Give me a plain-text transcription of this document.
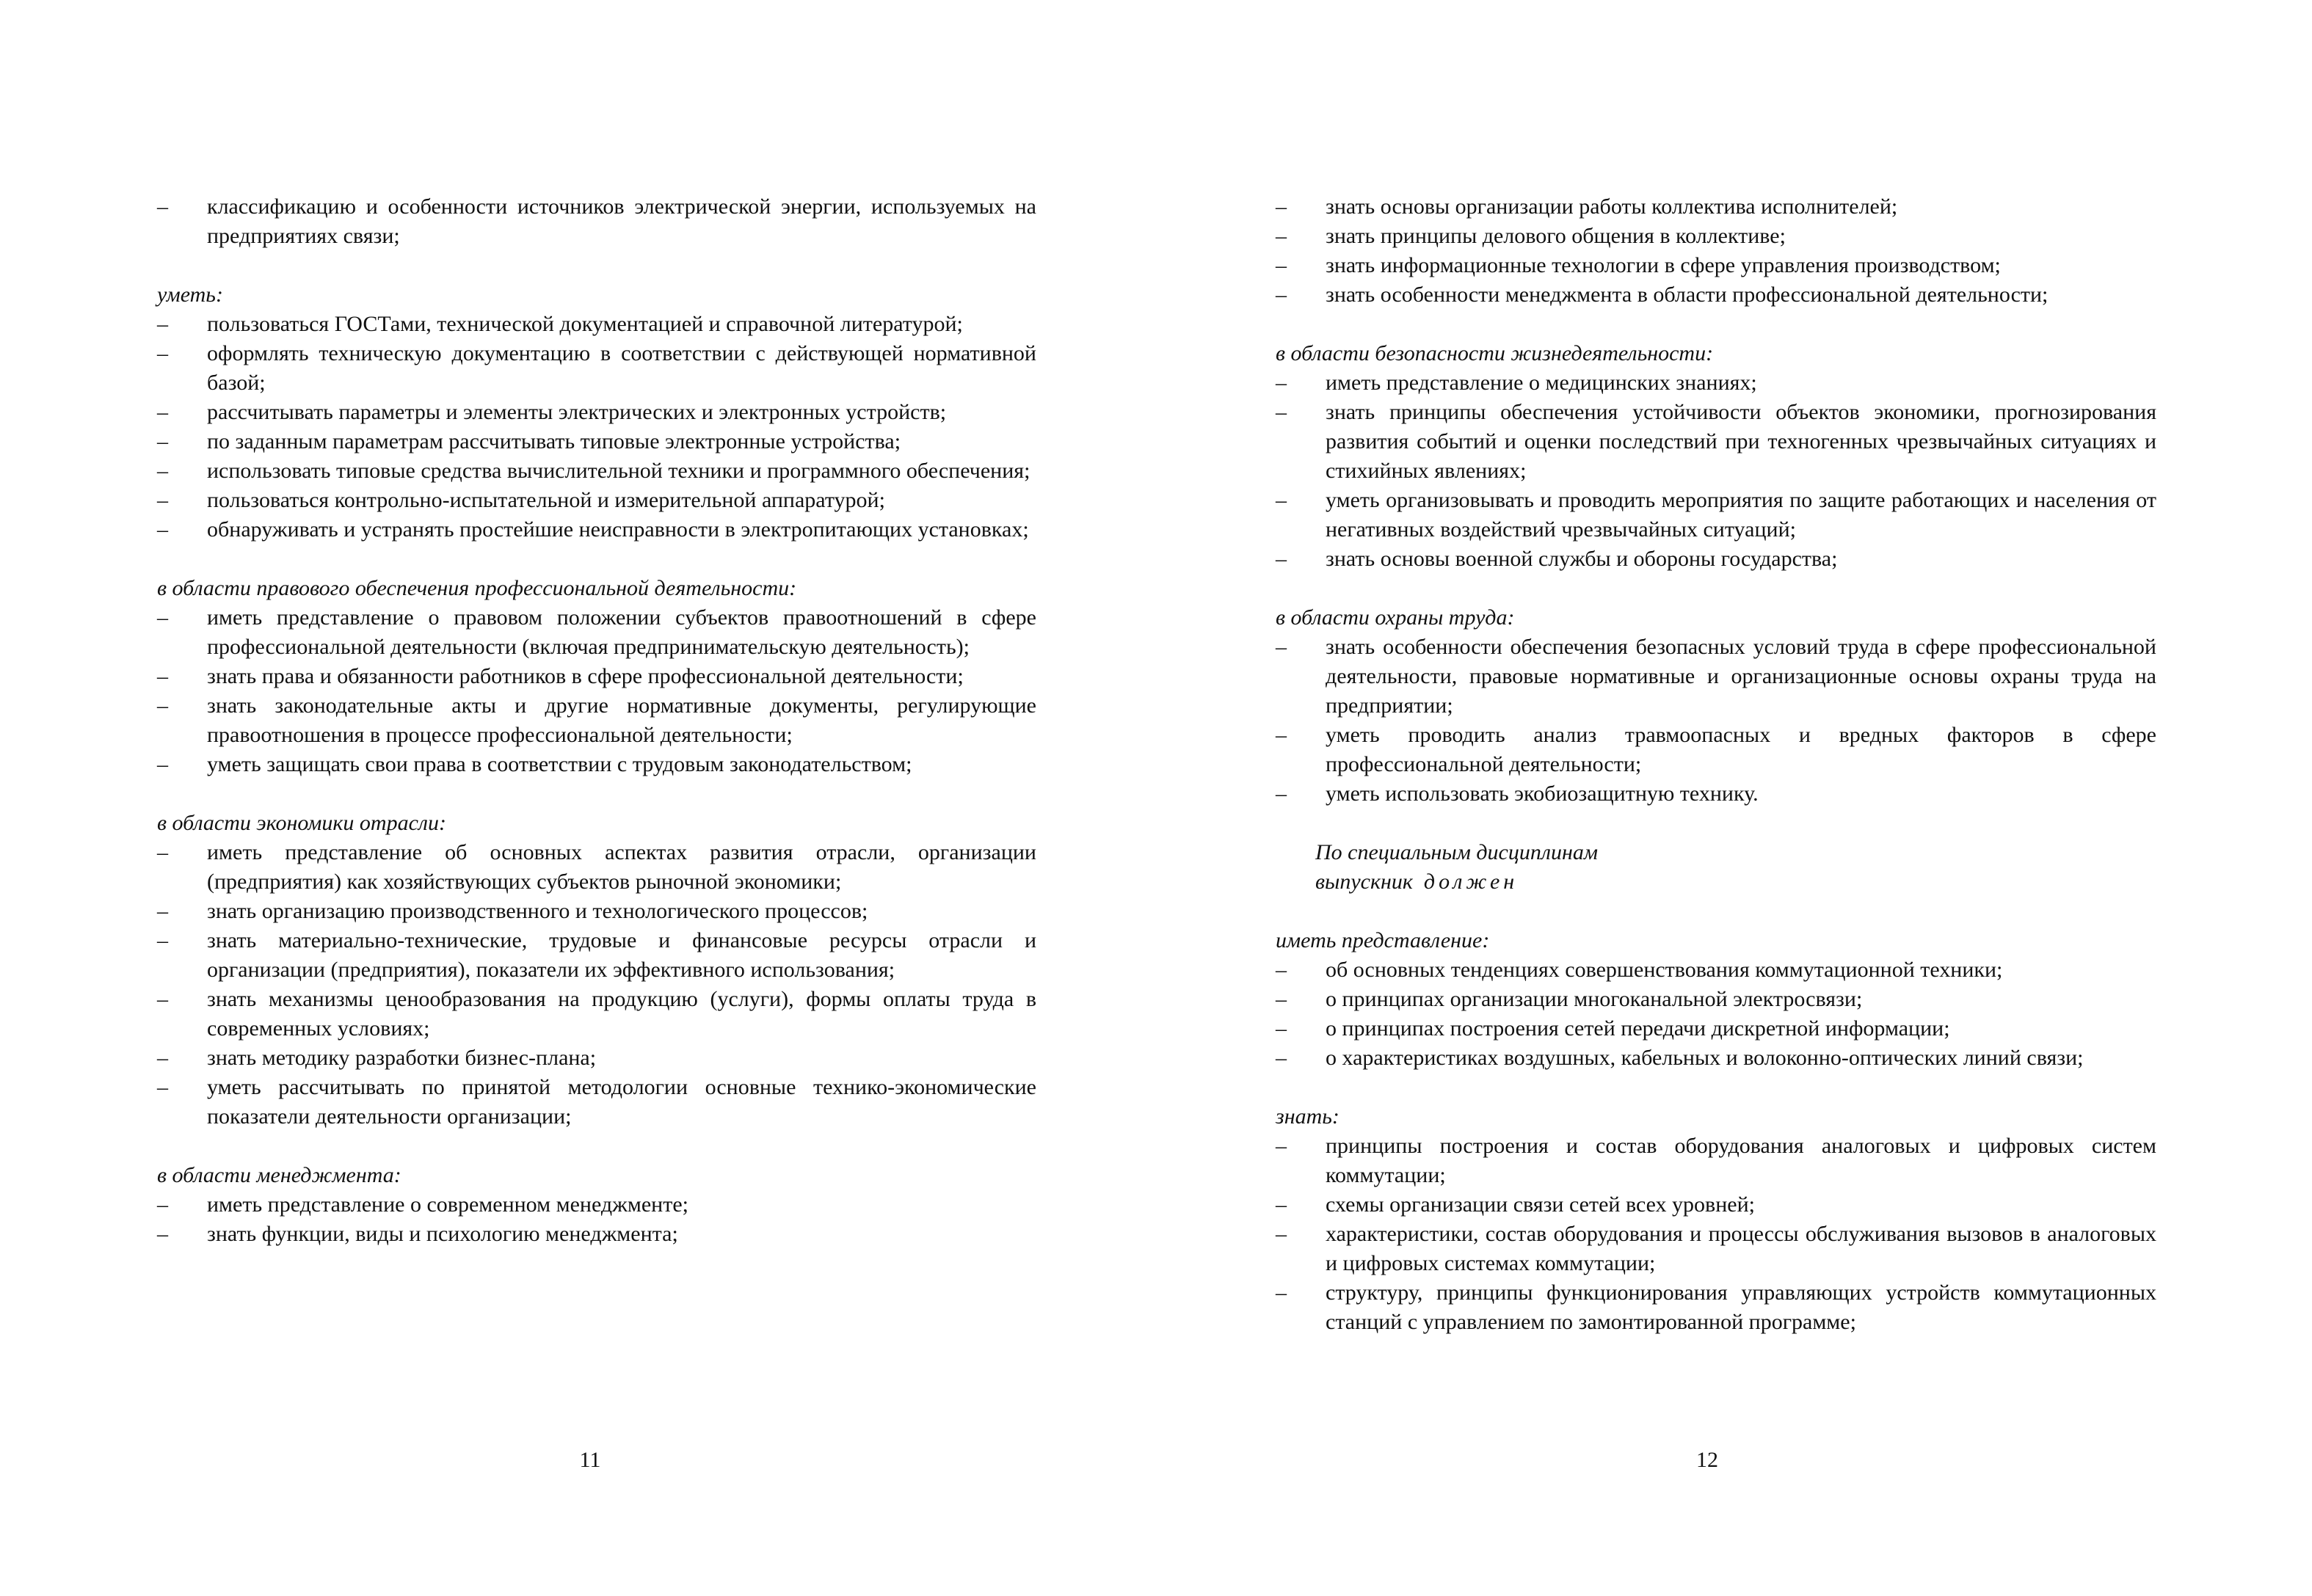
– классификацию и особенности источников электрической энергии, используемых на предприятиях связи;
уметь:
– пользоваться ГОСТами, технической документацией и справочной литературой;
– оформлять техническую документацию в соответствии с действующей нормативной базой;
– рассчитывать параметры и элементы электрических и электронных устройств;
– по заданным параметрам рассчитывать типовые электронные устройства;
– использовать типовые средства вычислительной техники и программного обеспечения;
– пользоваться контрольно-испытательной и измерительной аппаратурой;
– обнаруживать и устранять простейшие неисправности в электропитающих установках;
в области правового обеспечения профессиональной деятельности:
– иметь представление о правовом положении субъектов правоотношений в сфере профессиональной деятельности (включая предпринимательскую деятельность);
– знать права и обязанности работников в сфере профессиональной деятельности;
– знать законодательные акты и другие нормативные документы, регулирующие правоотношения в процессе профессиональной деятельности;
– уметь защищать свои права в соответствии с трудовым законодательством;
в области экономики отрасли:
– иметь представление об основных аспектах развития отрасли, организации (предприятия) как хозяйствующих субъектов рыночной экономики;
– знать организацию производственного и технологического процессов;
– знать материально-технические, трудовые и финансовые ресурсы отрасли и организации (предприятия), показатели их эффективного использования;
– знать механизмы ценообразования на продукцию (услуги), формы оплаты труда в современных условиях;
– знать методику разработки бизнес-плана;
– уметь рассчитывать по принятой методологии основные технико-экономические показатели деятельности организации;
в области менеджмента:
– иметь представление о современном менеджменте;
– знать функции, виды и психологию менеджмента;
11
– знать основы организации работы коллектива исполнителей;
– знать принципы делового общения в коллективе;
– знать информационные технологии в сфере управления производством;
– знать особенности менеджмента в области профессиональной деятельности;
в области безопасности жизнедеятельности:
– иметь представление о медицинских знаниях;
– знать принципы обеспечения устойчивости объектов экономики, прогнозирования развития событий и оценки последствий при техногенных чрезвычайных ситуациях и стихийных явлениях;
– уметь организовывать и проводить мероприятия по защите работающих и населения от негативных воздействий чрезвычайных ситуаций;
– знать основы военной службы и обороны государства;
в области охраны труда:
– знать особенности обеспечения безопасных условий труда в сфере профессиональной деятельности, правовые нормативные и организационные основы охраны труда на предприятии;
– уметь проводить анализ травмоопасных и вредных факторов в сфере профессиональной деятельности;
– уметь использовать экобиозащитную технику.
По специальным дисциплинам
выпускник должен
иметь представление:
– об основных тенденциях совершенствования коммутационной техники;
– о принципах организации многоканальной электросвязи;
– о принципах построения сетей передачи дискретной информации;
– о характеристиках воздушных, кабельных и волоконно-оптических линий связи;
знать:
– принципы построения и состав оборудования аналоговых и цифровых систем коммутации;
– схемы организации связи сетей всех уровней;
– характеристики, состав оборудования и процессы обслуживания вызовов в аналоговых и цифровых системах коммутации;
– структуру, принципы функционирования управляющих устройств коммутационных станций с управлением по замонтированной программе;
12
